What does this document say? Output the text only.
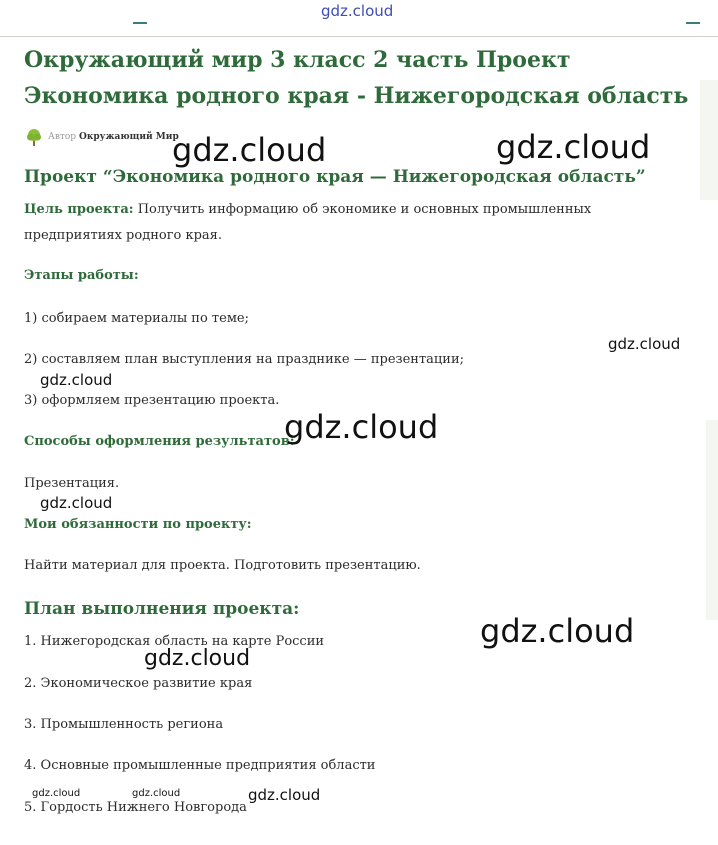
gdz.cloud
Окружающий мир 3 класс 2 часть Проект Экономика родного края - Нижегородская область
Автор Окружающий Мир
Проект “Экономика родного края — Нижегородская область”

Цель проекта: Получить информацию об экономике и основных промышленных предприятиях родного края.

Этапы работы:

1) собираем материалы по теме;

2) составляем план выступления на празднике — презентации;

3) оформляем презентацию проекта.

Способы оформления результатов:

Презентация.

Мои обязанности по проекту:

Найти материал для проекта. Подготовить презентацию.

План выполнения проекта:

1. Нижегородская область на карте России

2. Экономическое развитие края

3. Промышленность региона

4. Основные промышленные предприятия области

5. Гордость Нижнего Новгорода

gdz.cloud	gdz.cloud
gdz.cloud
gdz.cloud
gdz.cloud
gdz.cloud
gdz.cloud
gdz.cloud
gdz.cloud	gdz.cloud	gdz.cloud
